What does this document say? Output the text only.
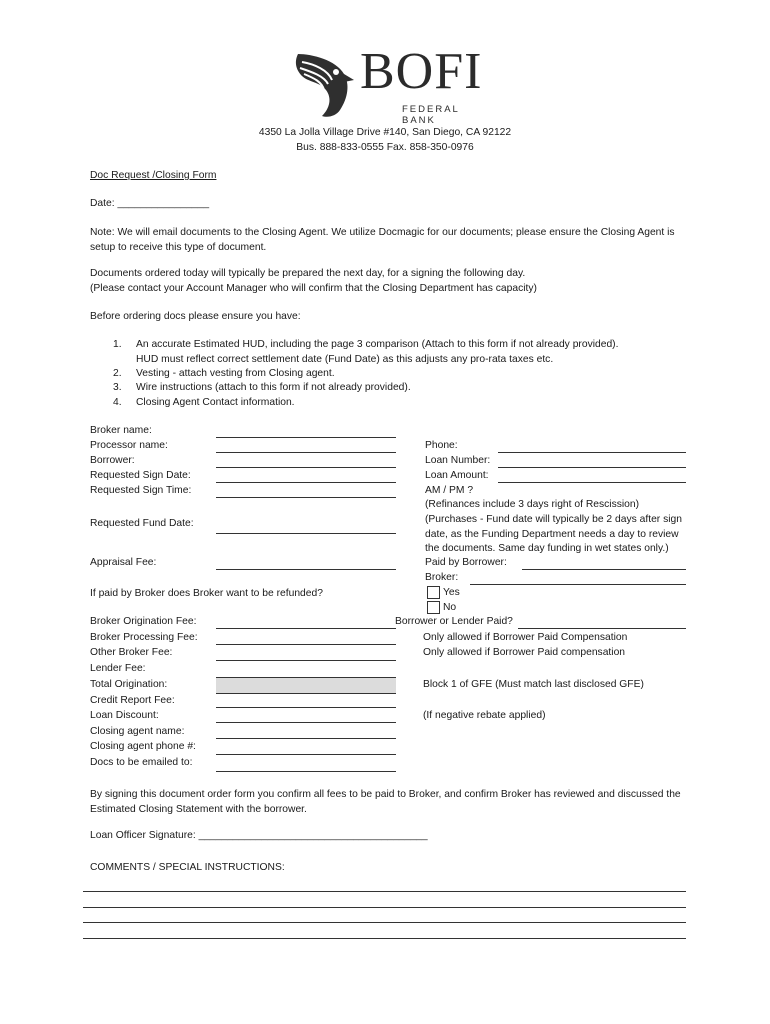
BOFI
FEDERAL BANK
4350 La Jolla Village Drive #140, San Diego, CA 92122
Bus. 888-833-0555 Fax. 858-350-0976
Doc Request /Closing Form
Date: ________________
Note: We will email documents to the Closing Agent. We utilize Docmagic for our documents; please ensure the Closing Agent is setup to receive this type of document.
Documents ordered today will typically be prepared the next day, for a signing the following day.
(Please contact your Account Manager who will confirm that the Closing Department has capacity)
Before ordering docs please ensure you have:
1. An accurate Estimated HUD, including the page 3 comparison (Attach to this form if not already provided).
HUD must reflect correct settlement date (Fund Date) as this adjusts any pro-rata taxes etc.
2. Vesting - attach vesting from Closing agent.
3. Wire instructions (attach to this form if not already provided).
4. Closing Agent Contact information.
Broker name:
Processor name:
Borrower:
Requested Sign Date:
Requested Sign Time:
Requested Fund Date:
Appraisal Fee:
If paid by Broker does Broker want to be refunded?
Broker Origination Fee:
Broker Processing Fee:
Other Broker Fee:
Lender Fee:
Total Origination:
Credit Report Fee:
Loan Discount:
Closing agent name:
Closing agent phone #:
Docs to be emailed to:
Phone:
Loan Number:
Loan Amount:
AM / PM ?
(Refinances include 3 days right of Rescission)
(Purchases - Fund date will typically be 2 days after sign
date, as the Funding Department needs a day to review
the documents. Same day funding in wet states only.)
Paid by Borrower:
Broker:
Yes
No
Borrower or Lender Paid?
Only allowed if Borrower Paid Compensation
Only allowed if Borrower Paid compensation
Block 1 of GFE (Must match last disclosed GFE)
(If negative rebate applied)
By signing this document order form you confirm all fees to be paid to Broker, and confirm Broker has reviewed and discussed the Estimated Closing Statement with the borrower.
Loan Officer Signature: ________________________________________
COMMENTS / SPECIAL INSTRUCTIONS:
